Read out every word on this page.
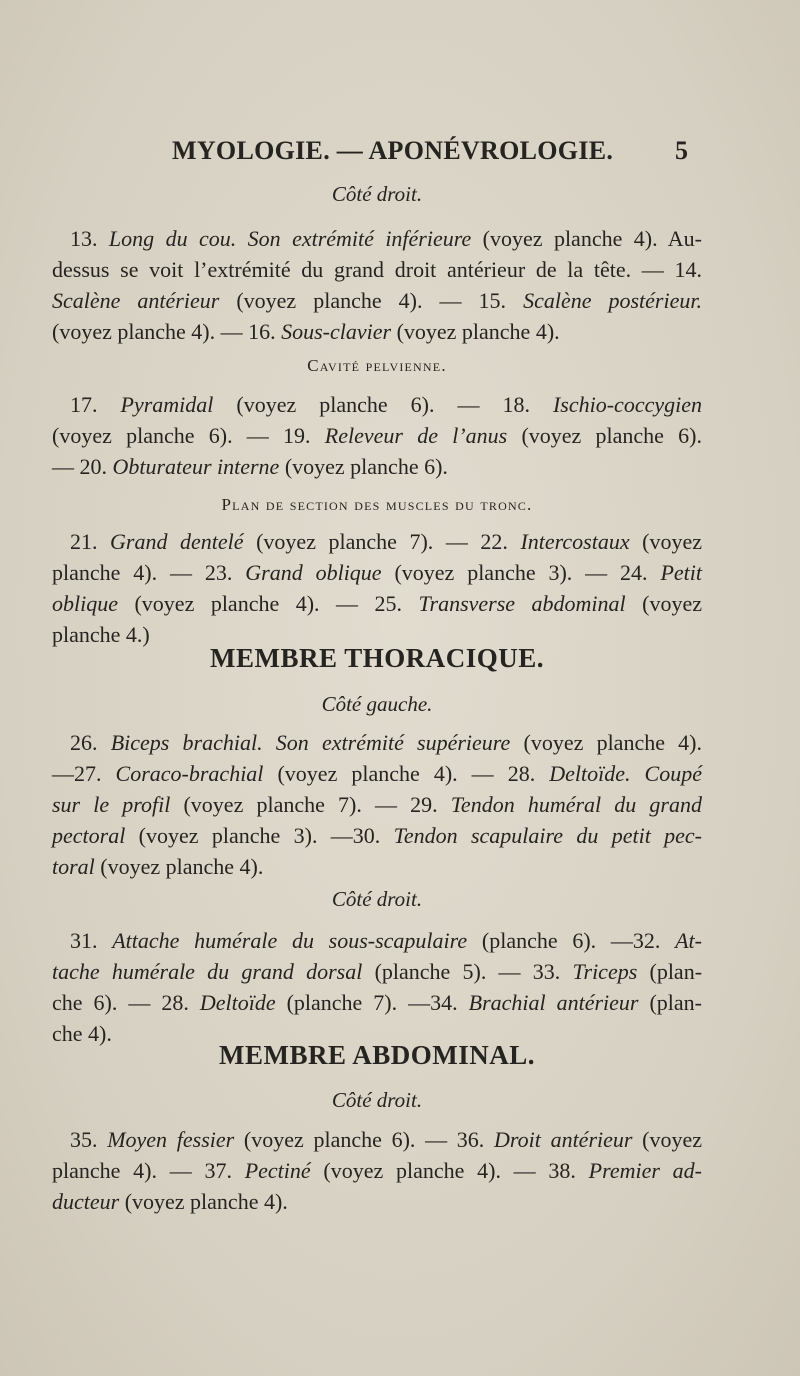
MYOLOGIE. — APONÉVROLOGIE. 5

Côté droit.

13. Long du cou. Son extrémité inférieure (voyez planche 4). Au-
dessus se voit l’extrémité du grand droit antérieur de la tête. — 14.
Scalène antérieur (voyez planche 4). — 15. Scalène postérieur.
(voyez planche 4). — 16. Sous-clavier (voyez planche 4).

Cavité pelvienne.

17. Pyramidal (voyez planche 6). — 18. Ischio-coccygien
(voyez planche 6). — 19. Releveur de l’anus (voyez planche 6).
— 20. Obturateur interne (voyez planche 6).

Plan de section des muscles du tronc.

21. Grand dentelé (voyez planche 7). — 22. Intercostaux (voyez
planche 4). — 23. Grand oblique (voyez planche 3). — 24. Petit
oblique (voyez planche 4). — 25. Transverse abdominal (voyez
planche 4.)

MEMBRE THORACIQUE.

Côté gauche.

26. Biceps brachial. Son extrémité supérieure (voyez planche 4).
—27. Coraco-brachial (voyez planche 4). — 28. Deltoïde. Coupé
sur le profil (voyez planche 7). — 29. Tendon huméral du grand
pectoral (voyez planche 3). —30. Tendon scapulaire du petit pec-
toral (voyez planche 4).

Côté droit.

31. Attache humérale du sous-scapulaire (planche 6). —32. At-
tache humérale du grand dorsal (planche 5). — 33. Triceps (plan-
che 6). — 28. Deltoïde (planche 7). —34. Brachial antérieur (plan-
che 4).

MEMBRE ABDOMINAL.

Côté droit.

35. Moyen fessier (voyez planche 6). — 36. Droit antérieur (voyez
planche 4). — 37. Pectiné (voyez planche 4). — 38. Premier ad-
ducteur (voyez planche 4).
